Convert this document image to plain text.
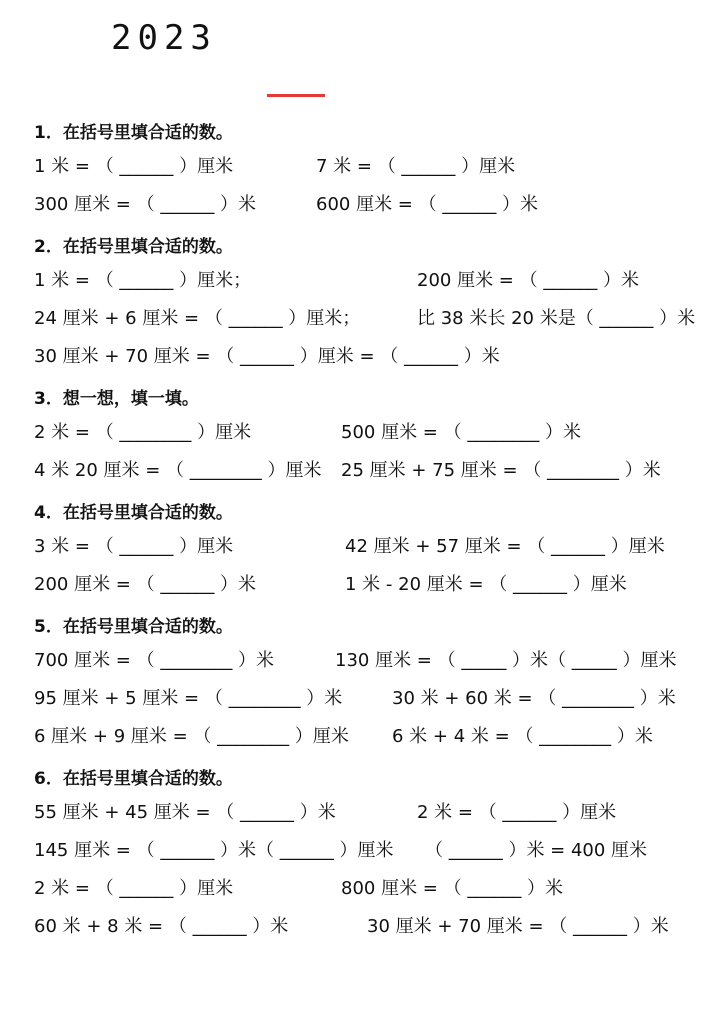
2023
1．在括号里填合适的数。
1 米 = （ ______ ）厘米	7 米 = （ ______ ）厘米
300 厘米 = （ ______ ）米	600 厘米 = （ ______ ）米
2．在括号里填合适的数。
1 米 = （ ______ ）厘米；	200 厘米 = （ ______ ）米
24 厘米 + 6 厘米 = （ ______ ）厘米；	比 38 米长 20 米是（ ______ ）米
30 厘米 + 70 厘米 = （ ______ ）厘米 = （ ______ ）米
3．想一想，填一填。
2 米 = （ ________ ）厘米	500 厘米 = （ ________ ）米
4 米 20 厘米 = （ ________ ）厘米 25 厘米 + 75 厘米 = （ ________ ）米
4．在括号里填合适的数。
3 米 = （ ______ ）厘米	42 厘米 + 57 厘米 = （ ______ ）厘米
200 厘米 = （ ______ ）米	1 米 - 20 厘米 = （ ______ ）厘米
5．在括号里填合适的数。
700 厘米 = （ ________ ）米	130 厘米 = （ _____ ）米（ _____ ）厘米
95 厘米 + 5 厘米 = （ ________ ）米	30 米 + 60 米 = （ ________ ）米
6 厘米 + 9 厘米 = （ ________ ）厘米 6 米 + 4 米 = （ ________ ）米
6．在括号里填合适的数。
55 厘米 + 45 厘米 = （ ______ ）米	2 米 = （ ______ ）厘米
145 厘米 = （ ______ ）米（ ______ ）厘米 （ ______ ）米 = 400 厘米
2 米 = （ ______ ）厘米	800 厘米 = （ ______ ）米
60 米 + 8 米 = （ ______ ）米	30 厘米 + 70 厘米 = （ ______ ）米
